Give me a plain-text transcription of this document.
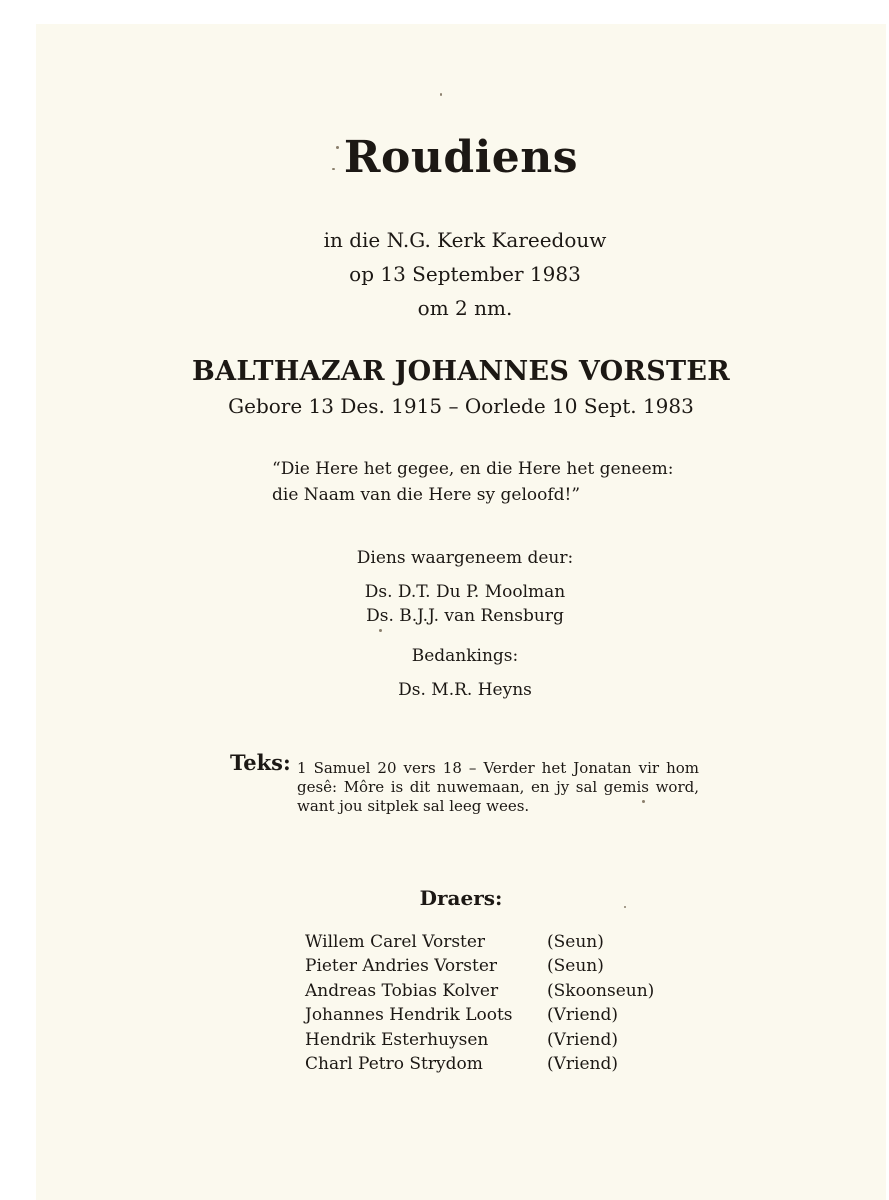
Roudiens
in die N.G. Kerk Kareedouw
op 13 September 1983
om 2 nm.
BALTHAZAR JOHANNES VORSTER
Gebore 13 Des. 1915 – Oorlede 10 Sept. 1983
“Die Here het gegee, en die Here het geneem:
die Naam van die Here sy geloofd!”
Diens waargeneem deur:
Ds. D.T. Du P. Moolman
Ds. B.J.J. van Rensburg
Bedankings:
Ds. M.R. Heyns
Teks: 1 Samuel 20 vers 18 – Verder het Jonatan vir hom gesê: Môre is dit nuwemaan, en jy sal gemis word, want jou sitplek sal leeg wees.
Draers:
Willem Carel Vorster	(Seun)
Pieter Andries Vorster	(Seun)
Andreas Tobias Kolver	(Skoonseun)
Johannes Hendrik Loots (Vriend)
Hendrik Esterhuysen	(Vriend)
Charl Petro Strydom	(Vriend)
